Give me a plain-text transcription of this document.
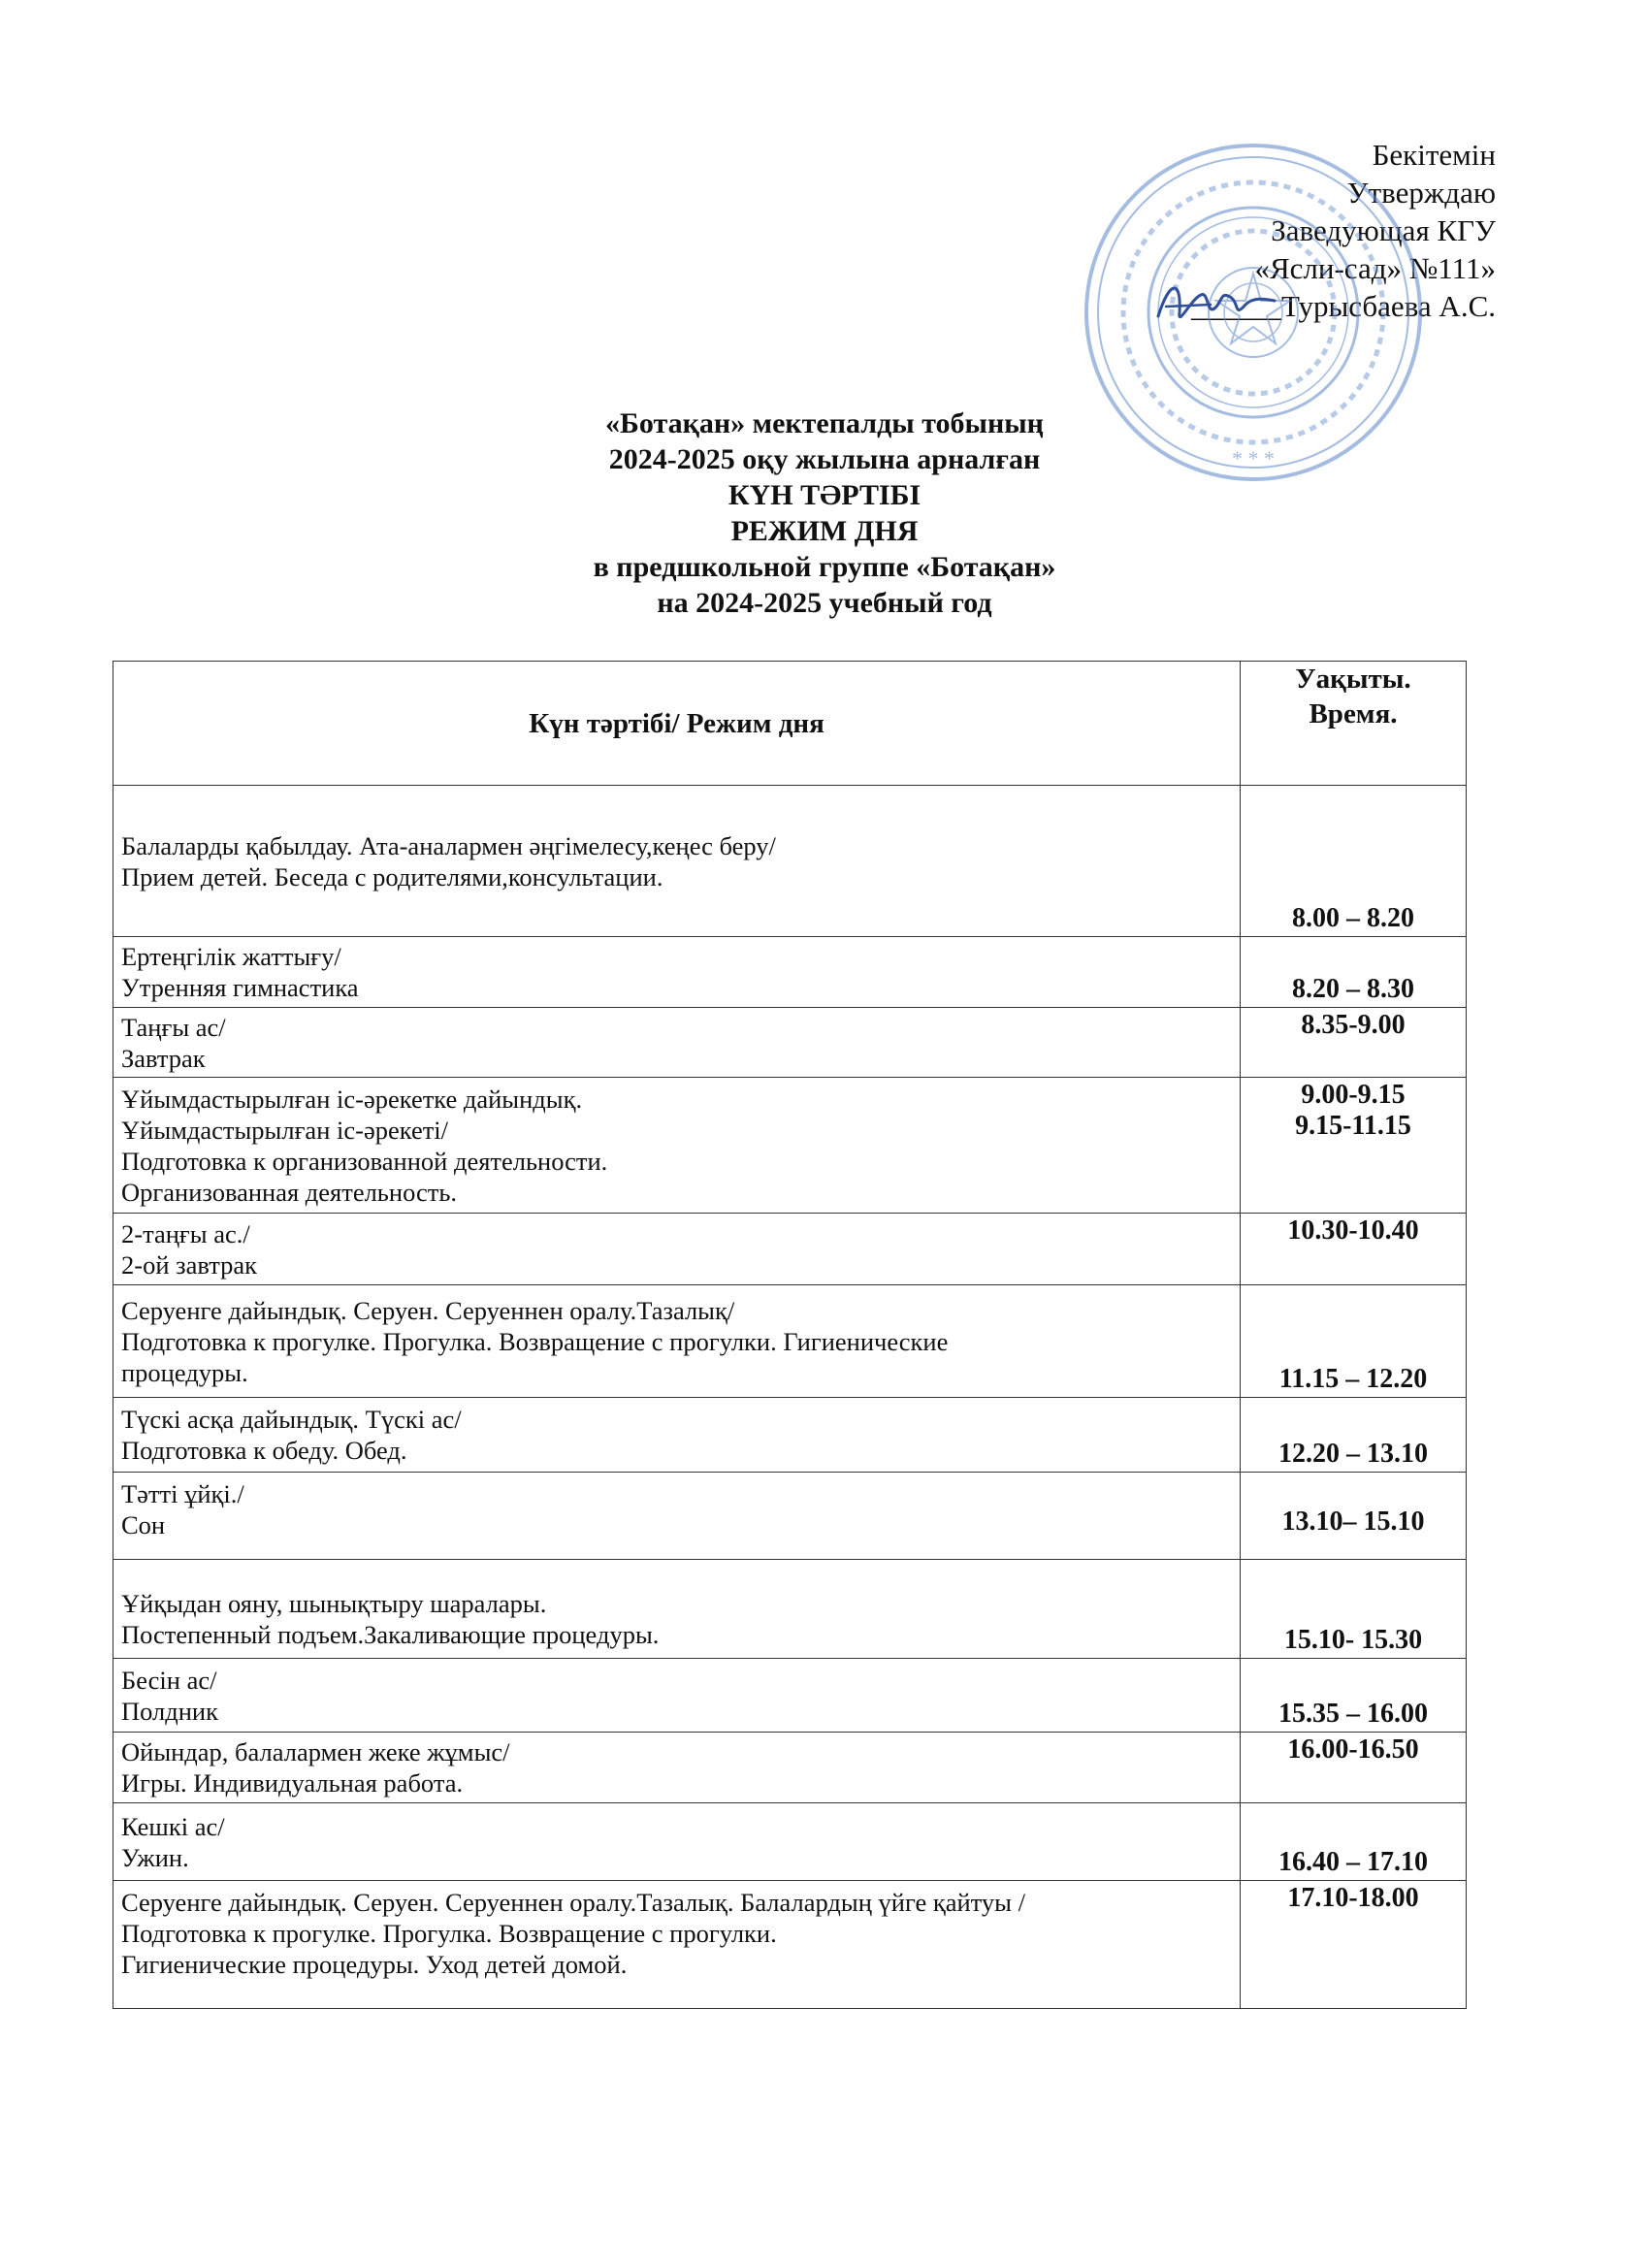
Бекітемін
Утверждаю
Заведующая КГУ
«Ясли-сад» №111»
______Турысбаева А.С.
* * *
«Ботақан» мектепалды тобының
2024-2025 оқу жылына арналған
КҮН ТӘРТІБІ
РЕЖИМ ДНЯ
в предшкольной группе «Ботақан»
на 2024-2025 учебный год
Күн тәртібі/ Режим дня	Уақыты.
Время.

Балаларды қабылдау. Ата-аналармен әңгімелесу,кеңес беру/
Прием детей. Беседа с родителями,консультации.	8.00 – 8.20

Ертеңгілік жаттығу/
Утренняя гимнастика	8.20 – 8.30

Таңғы ас/
Завтрак	8.35-9.00

Ұйымдастырылған іс-әрекетке дайындық.
Ұйымдастырылған іс-әрекеті/
Подготовка к организованной деятельности.
Организованная деятельность.	9.00-9.15
9.15-11.15

2-таңғы ас./
2-ой завтрак	10.30-10.40

Серуенге дайындық. Серуен. Серуеннен оралу.Тазалық/
Подготовка к прогулке. Прогулка. Возвращение с прогулки. Гигиенические
процедуры.	11.15 – 12.20

Түскі асқа дайындық. Түскі ас/
Подготовка к обеду. Обед.	12.20 – 13.10

Тәтті ұйқі./
Сон	13.10– 15.10

Ұйқыдан ояну, шынықтыру шаралары.
Постепенный подъем.Закаливающие процедуры.	15.10- 15.30

Бесін ас/
Полдник	15.35 – 16.00

Ойындар, балалармен жеке жұмыс/
Игры. Индивидуальная работа.	16.00-16.50

Кешкі ас/
Ужин.	16.40 – 17.10

Серуенге дайындық. Серуен. Серуеннен оралу.Тазалық. Балалардың үйге қайтуы /
Подготовка к прогулке. Прогулка. Возвращение с прогулки.
Гигиенические процедуры. Уход детей домой.	17.10-18.00
